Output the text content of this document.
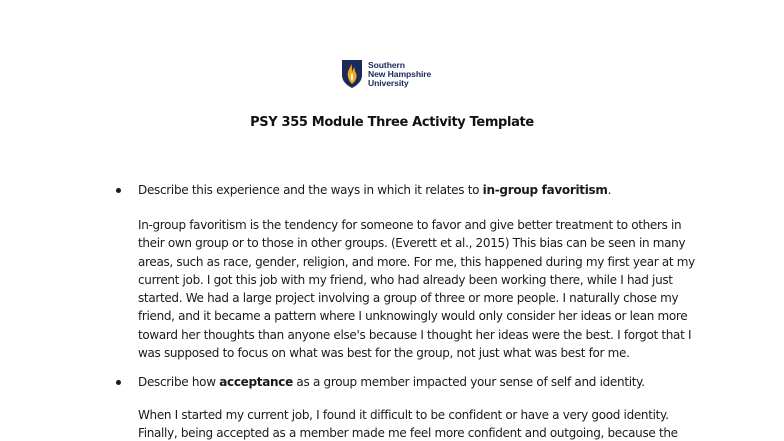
Southern
New Hampshire
University
PSY 355 Module Three Activity Template
Describe this experience and the ways in which it relates to in-group favoritism.
In-group favoritism is the tendency for someone to favor and give better treatment to others in
their own group or to those in other groups. (Everett et al., 2015) This bias can be seen in many
areas, such as race, gender, religion, and more. For me, this happened during my first year at my
current job. I got this job with my friend, who had already been working there, while I had just
started. We had a large project involving a group of three or more people. I naturally chose my
friend, and it became a pattern where I unknowingly would only consider her ideas or lean more
toward her thoughts than anyone else's because I thought her ideas were the best. I forgot that I
was supposed to focus on what was best for the group, not just what was best for me.
Describe how acceptance as a group member impacted your sense of self and identity.
When I started my current job, I found it difficult to be confident or have a very good identity.
Finally, being accepted as a member made me feel more confident and outgoing, because the
